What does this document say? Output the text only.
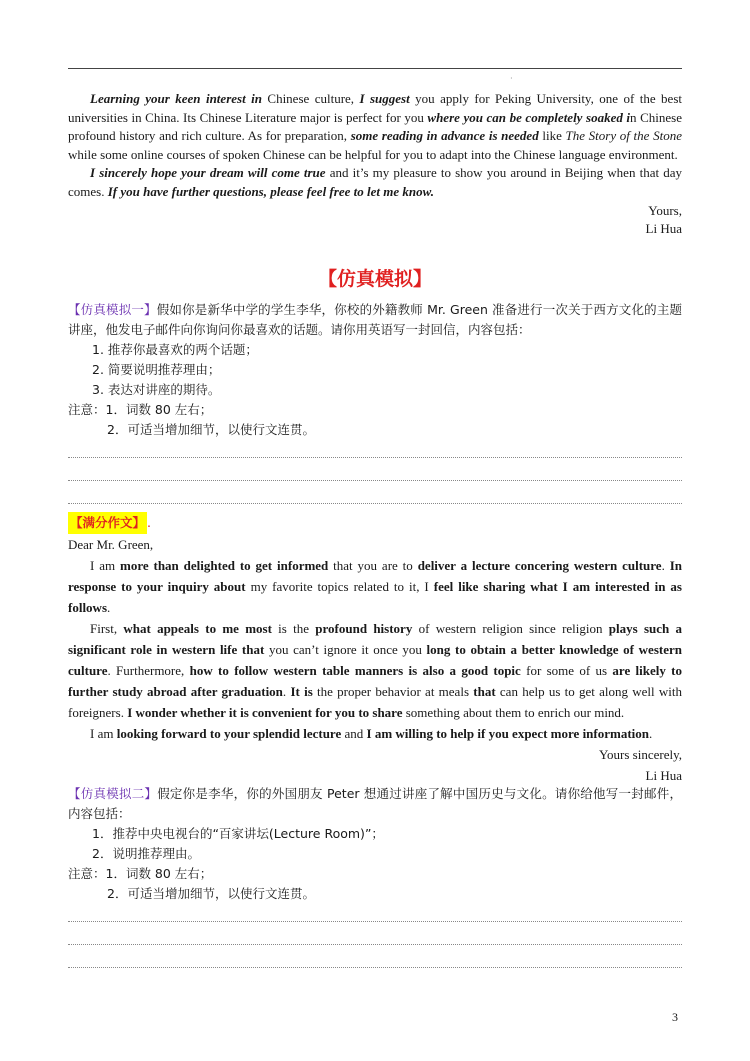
·

Learning your keen interest in Chinese culture, I suggest you apply for Peking University, one of the best universities in China. Its Chinese Literature major is perfect for you where you can be completely soaked in Chinese profound history and rich culture. As for preparation, some reading in advance is needed like The Story of the Stone while some online courses of spoken Chinese can be helpful for you to adapt into the Chinese language environment.

I sincerely hope your dream will come true and it’s my pleasure to show you around in Beijing when that day comes. If you have further questions, please feel free to let me know.

Yours,

Li Hua

【仿真模拟】

【仿真模拟一】假如你是新华中学的学生李华，你校的外籍教师 Mr. Green 准备进行一次关于西方文化的主题讲座，他发电子邮件向你询问你最喜欢的话题。请你用英语写一封回信，内容包括：

1. 推荐你最喜欢的两个话题；

2. 简要说明推荐理由；

3. 表达对讲座的期待。

注意：1．词数 80 左右；

2．可适当增加细节，以使行文连贯。

【满分作文】 .

Dear Mr. Green,

I am more than delighted to get informed that you are to deliver a lecture concering western culture. In response to your inquiry about my favorite topics related to it, I feel like sharing what I am interested in as follows.

First, what appeals to me most is the profound history of western religion since religion plays such a significant role in western life that you can’t ignore it once you long to obtain a better knowledge of western culture. Furthermore, how to follow western table manners is also a good topic for some of us are likely to further study abroad after graduation. It is the proper behavior at meals that can help us to get along well with foreigners. I wonder whether it is convenient for you to share something about them to enrich our mind.

I am looking forward to your splendid lecture and I am willing to help if you expect more information.

Yours sincerely,

Li Hua

【仿真模拟二】假定你是李华，你的外国朋友 Peter 想通过讲座了解中国历史与文化。请你给他写一封邮件，内容包括：

1．推荐中央电视台的“百家讲坛(Lecture Room)”；

2．说明推荐理由。

注意：1．词数 80 左右；

2．可适当增加细节，以使行文连贯。

3
